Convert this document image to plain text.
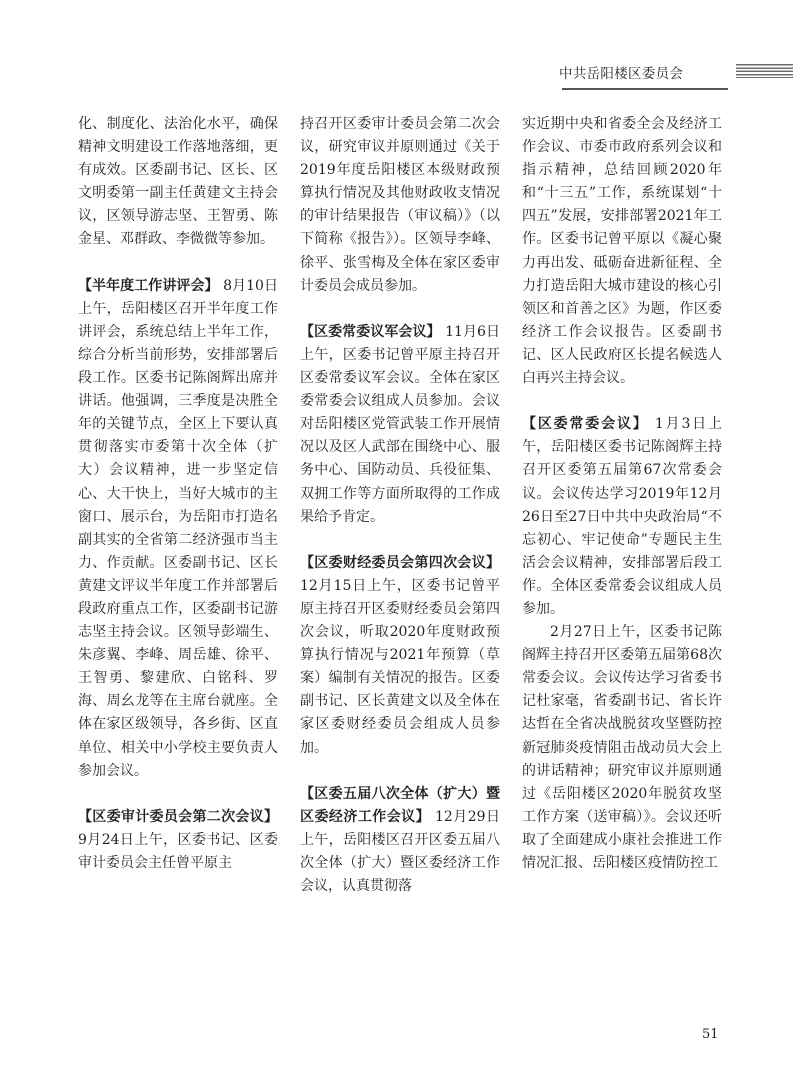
中共岳阳楼区委员会

化、制度化、法治化水平，确保精神文明建设工作落地落细，更有成效。区委副书记、区长、区文明委第一副主任黄建文主持会议，区领导游志坚、王智勇、陈金星、邓群政、李微微等参加。

【半年度工作讲评会】 8月10日上午，岳阳楼区召开半年度工作讲评会，系统总结上半年工作，综合分析当前形势，安排部署后段工作。区委书记陈阁辉出席并讲话。他强调，三季度是决胜全年的关键节点，全区上下要认真贯彻落实市委第十次全体（扩大）会议精神，进一步坚定信心、大干快上，当好大城市的主窗口、展示台，为岳阳市打造名副其实的全省第二经济强市当主力、作贡献。区委副书记、区长黄建文评议半年度工作并部署后段政府重点工作，区委副书记游志坚主持会议。区领导彭端生、朱彦翼、李峰、周岳雄、徐平、王智勇、黎建欣、白铭科、罗海、周幺龙等在主席台就座。全体在家区级领导，各乡街、区直单位、相关中小学校主要负责人参加会议。

【区委审计委员会第二次会议】 9月24日上午，区委书记、区委审计委员会主任曾平原主

持召开区委审计委员会第二次会议，研究审议并原则通过《关于2019年度岳阳楼区本级财政预算执行情况及其他财政收支情况的审计结果报告（审议稿）》（以下简称《报告》）。区领导李峰、徐平、张雪梅及全体在家区委审计委员会成员参加。

【区委常委议军会议】 11月6日上午，区委书记曾平原主持召开区委常委议军会议。全体在家区委常委会议组成人员参加。会议对岳阳楼区党管武装工作开展情况以及区人武部在围绕中心、服务中心、国防动员、兵役征集、双拥工作等方面所取得的工作成果给予肯定。

【区委财经委员会第四次会议】 12月15日上午，区委书记曾平原主持召开区委财经委员会第四次会议，听取2020年度财政预算执行情况与2021年预算（草案）编制有关情况的报告。区委副书记、区长黄建文以及全体在家区委财经委员会组成人员参加。

【区委五届八次全体（扩大）暨区委经济工作会议】 12月29日上午，岳阳楼区召开区委五届八次全体（扩大）暨区委经济工作会议，认真贯彻落

实近期中央和省委全会及经济工作会议、市委市政府系列会议和指示精神，总结回顾2020年和“十三五”工作，系统谋划“十四五”发展，安排部署2021年工作。区委书记曾平原以《凝心聚力再出发、砥砺奋进新征程、全力打造岳阳大城市建设的核心引领区和首善之区》为题，作区委经济工作会议报告。区委副书记、区人民政府区长提名候选人白再兴主持会议。

【区委常委会议】 1月3日上午，岳阳楼区委书记陈阁辉主持召开区委第五届第67次常委会议。会议传达学习2019年12月26日至27日中共中央政治局“不忘初心、牢记使命”专题民主生活会会议精神，安排部署后段工作。全体区委常委会议组成人员参加。

2月27日上午，区委书记陈阁辉主持召开区委第五届第68次常委会议。会议传达学习省委书记杜家毫，省委副书记、省长许达哲在全省决战脱贫攻坚暨防控新冠肺炎疫情阻击战动员大会上的讲话精神；研究审议并原则通过《岳阳楼区2020年脱贫攻坚工作方案（送审稿）》。会议还听取了全面建成小康社会推进工作情况汇报、岳阳楼区疫情防控工

51
